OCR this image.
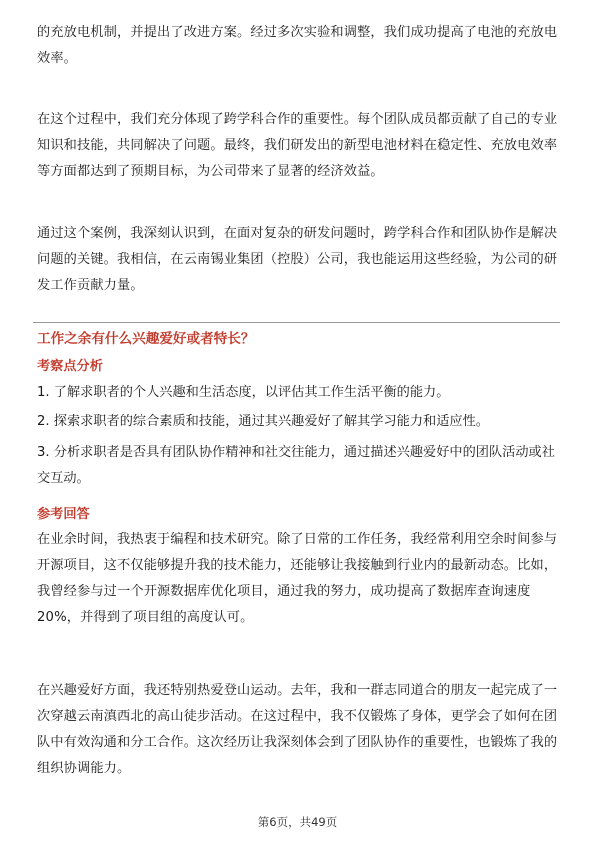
的充放电机制，并提出了改进方案。经过多次实验和调整，我们成功提高了电池的充放电效率。

在这个过程中，我们充分体现了跨学科合作的重要性。每个团队成员都贡献了自己的专业知识和技能，共同解决了问题。最终，我们研发出的新型电池材料在稳定性、充放电效率等方面都达到了预期目标，为公司带来了显著的经济效益。

通过这个案例，我深刻认识到，在面对复杂的研发问题时，跨学科合作和团队协作是解决问题的关键。我相信，在云南锡业集团（控股）公司，我也能运用这些经验，为公司的研发工作贡献力量。

工作之余有什么兴趣爱好或者特长？
考察点分析
1. 了解求职者的个人兴趣和生活态度，以评估其工作生活平衡的能力。
2. 探索求职者的综合素质和技能，通过其兴趣爱好了解其学习能力和适应性。
3. 分析求职者是否具有团队协作精神和社交往能力，通过描述兴趣爱好中的团队活动或社交互动。
参考回答

在业余时间，我热衷于编程和技术研究。除了日常的工作任务，我经常利用空余时间参与开源项目，这不仅能够提升我的技术能力，还能够让我接触到行业内的最新动态。比如，我曾经参与过一个开源数据库优化项目，通过我的努力，成功提高了数据库查询速度20%，并得到了项目组的高度认可。

在兴趣爱好方面，我还特别热爱登山运动。去年，我和一群志同道合的朋友一起完成了一次穿越云南滇西北的高山徒步活动。在这过程中，我不仅锻炼了身体，更学会了如何在团队中有效沟通和分工合作。这次经历让我深刻体会到了团队协作的重要性，也锻炼了我的组织协调能力。

第6页，共49页
